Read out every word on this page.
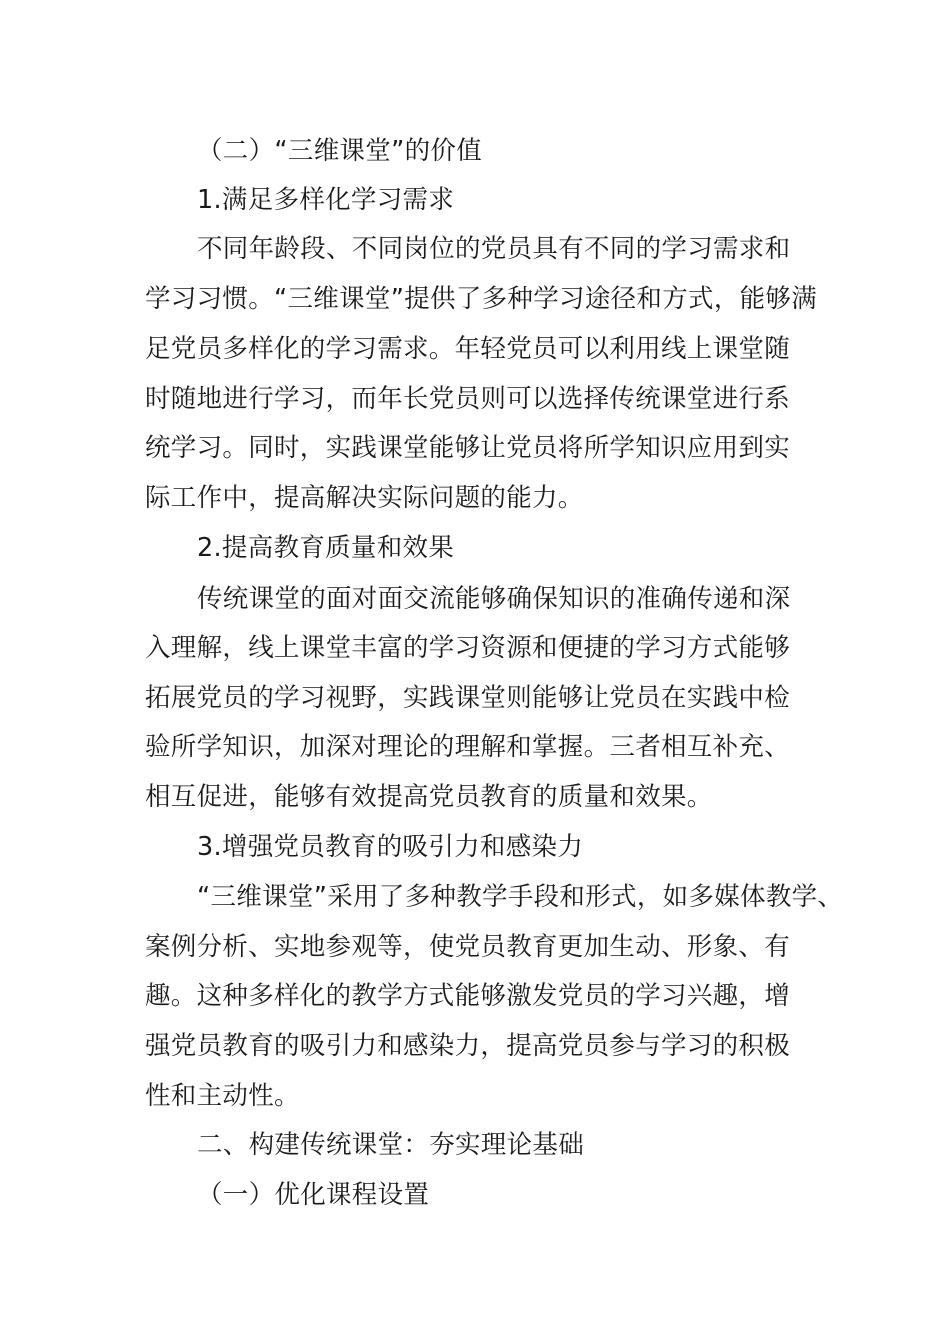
（二）“三维课堂”的价值
1.满足多样化学习需求
不同年龄段、不同岗位的党员具有不同的学习需求和
学习习惯。“三维课堂”提供了多种学习途径和方式，能够满
足党员多样化的学习需求。年轻党员可以利用线上课堂随
时随地进行学习，而年长党员则可以选择传统课堂进行系
统学习。同时，实践课堂能够让党员将所学知识应用到实
际工作中，提高解决实际问题的能力。
2.提高教育质量和效果
传统课堂的面对面交流能够确保知识的准确传递和深
入理解，线上课堂丰富的学习资源和便捷的学习方式能够
拓展党员的学习视野，实践课堂则能够让党员在实践中检
验所学知识，加深对理论的理解和掌握。三者相互补充、
相互促进，能够有效提高党员教育的质量和效果。
3.增强党员教育的吸引力和感染力
“三维课堂”采用了多种教学手段和形式，如多媒体教学、
案例分析、实地参观等，使党员教育更加生动、形象、有
趣。这种多样化的教学方式能够激发党员的学习兴趣，增
强党员教育的吸引力和感染力，提高党员参与学习的积极
性和主动性。
二、构建传统课堂：夯实理论基础
（一）优化课程设置
